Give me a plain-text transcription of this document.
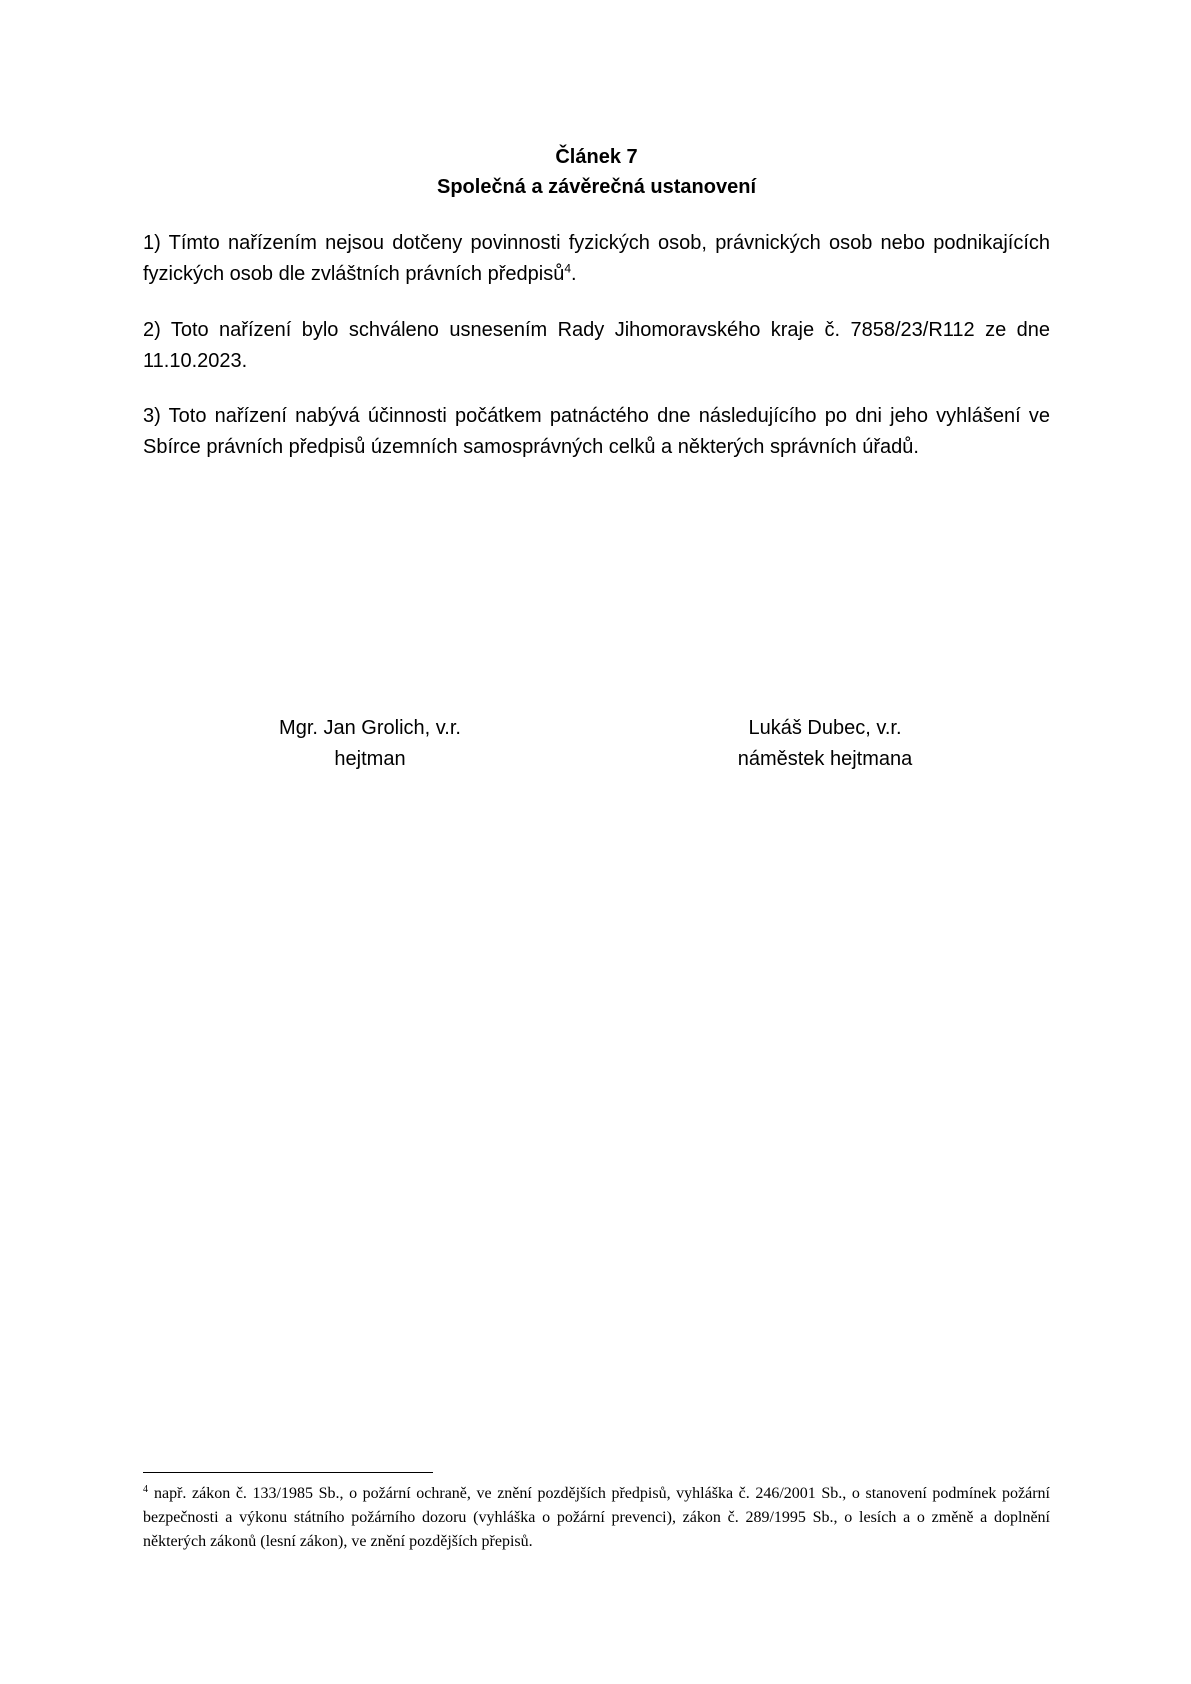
Článek 7
Společná a závěrečná ustanovení
1) Tímto nařízením nejsou dotčeny povinnosti fyzických osob, právnických osob nebo podnikajících fyzických osob dle zvláštních právních předpisů$^4$.
2) Toto nařízení bylo schváleno usnesením Rady Jihomoravského kraje č. 7858/23/R112 ze dne 11.10.2023.
3) Toto nařízení nabývá účinnosti počátkem patnáctého dne následujícího po dni jeho vyhlášení ve Sbírce právních předpisů územních samosprávných celků a některých správních úřadů.
Mgr. Jan Grolich, v.r.
hejtman
Lukáš Dubec, v.r.
náměstek hejtmana
$^4$ např. zákon č. 133/1985 Sb., o požární ochraně, ve znění pozdějších předpisů, vyhláška č. 246/2001 Sb., o stanovení podmínek požární bezpečnosti a výkonu státního požárního dozoru (vyhláška o požární prevenci), zákon č. 289/1995 Sb., o lesích a o změně a doplnění některých zákonů (lesní zákon), ve znění pozdějších přepisů.
